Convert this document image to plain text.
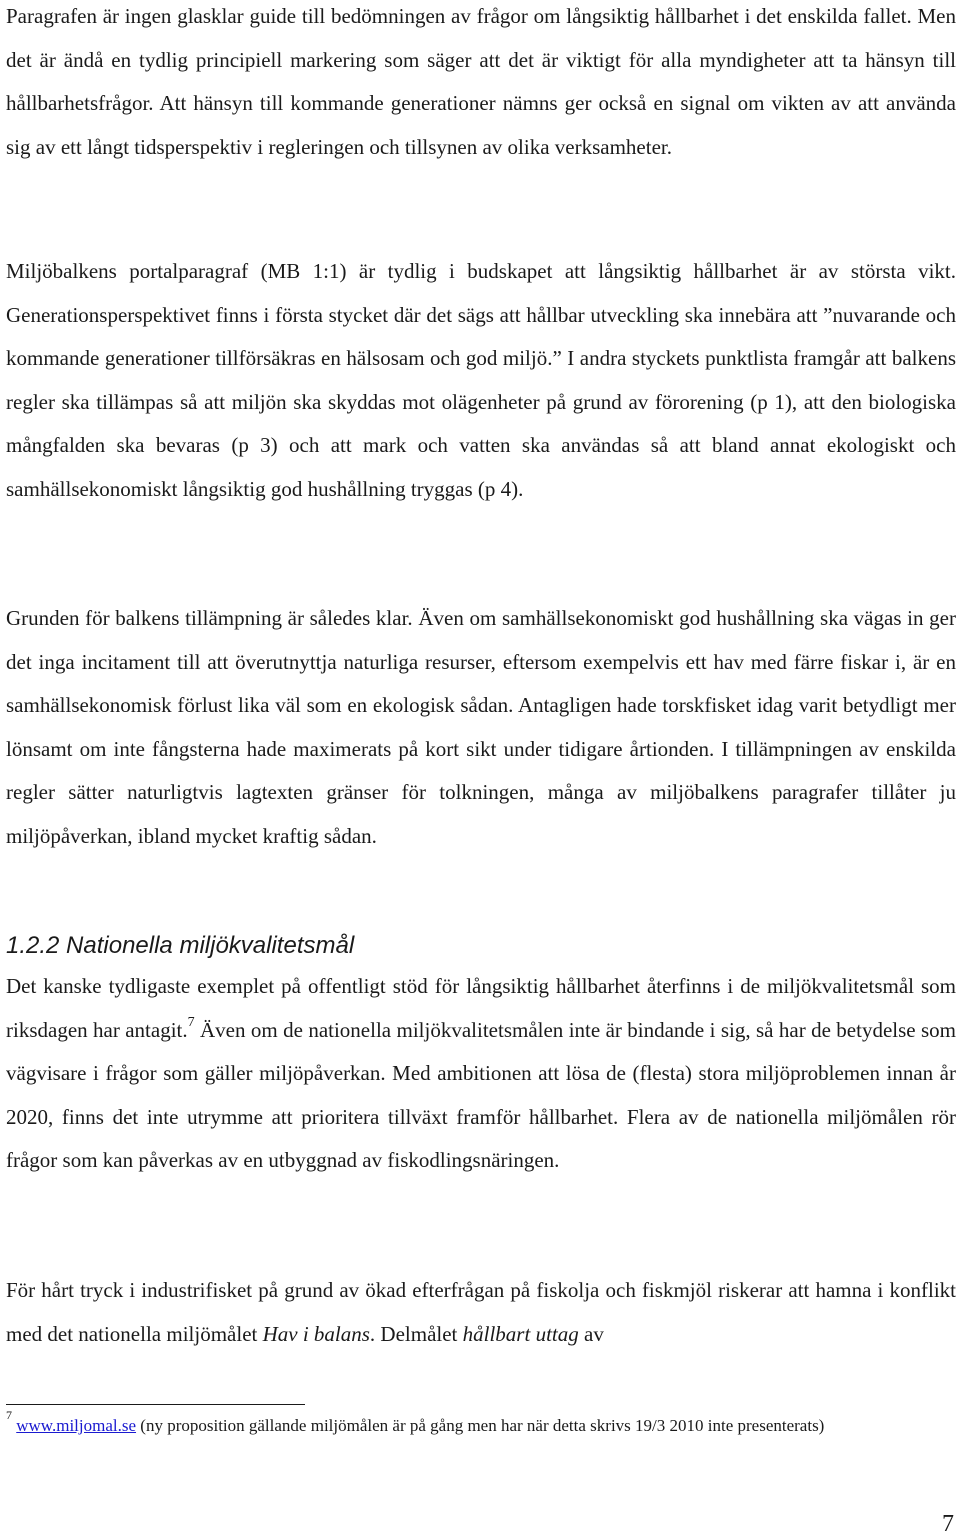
Paragrafen är ingen glasklar guide till bedömningen av frågor om långsiktig hållbarhet i det enskilda fallet. Men det är ändå en tydlig principiell markering som säger att det är viktigt för alla myndigheter att ta hänsyn till hållbarhetsfrågor. Att hänsyn till kommande generationer nämns ger också en signal om vikten av att använda sig av ett långt tidsperspektiv i regleringen och tillsynen av olika verksamheter.

Miljöbalkens portalparagraf (MB 1:1) är tydlig i budskapet att långsiktig hållbarhet är av största vikt. Generationsperspektivet finns i första stycket där det sägs att hållbar utveckling ska innebära att ”nuvarande och kommande generationer tillförsäkras en hälsosam och god miljö.” I andra styckets punktlista framgår att balkens regler ska tillämpas så att miljön ska skyddas mot olägenheter på grund av förorening (p 1), att den biologiska mångfalden ska bevaras (p 3) och att mark och vatten ska användas så att bland annat ekologiskt och samhällsekonomiskt långsiktig god hushållning tryggas (p 4).

Grunden för balkens tillämpning är således klar. Även om samhällsekonomiskt god hushållning ska vägas in ger det inga incitament till att överutnyttja naturliga resurser, eftersom exempelvis ett hav med färre fiskar i, är en samhällsekonomisk förlust lika väl som en ekologisk sådan. Antagligen hade torskfisket idag varit betydligt mer lönsamt om inte fångsterna hade maximerats på kort sikt under tidigare årtionden. I tillämpningen av enskilda regler sätter naturligtvis lagtexten gränser för tolkningen, många av miljöbalkens paragrafer tillåter ju miljöpåverkan, ibland mycket kraftig sådan.

1.2.2 Nationella miljökvalitetsmål

Det kanske tydligaste exemplet på offentligt stöd för långsiktig hållbarhet återfinns i de miljökvalitetsmål som riksdagen har antagit.$^7$ Även om de nationella miljökvalitetsmålen inte är bindande i sig, så har de betydelse som vägvisare i frågor som gäller miljöpåverkan. Med ambitionen att lösa de (flesta) stora miljöproblemen innan år 2020, finns det inte utrymme att prioritera tillväxt framför hållbarhet. Flera av de nationella miljömålen rör frågor som kan påverkas av en utbyggnad av fiskodlingsnäringen.

För hårt tryck i industrifisket på grund av ökad efterfrågan på fiskolja och fiskmjöl riskerar att hamna i konflikt med det nationella miljömålet Hav i balans. Delmålet hållbart uttag av

$^7$ www.miljomal.se (ny proposition gällande miljömålen är på gång men har när detta skrivs 19/3 2010 inte presenterats)

7
